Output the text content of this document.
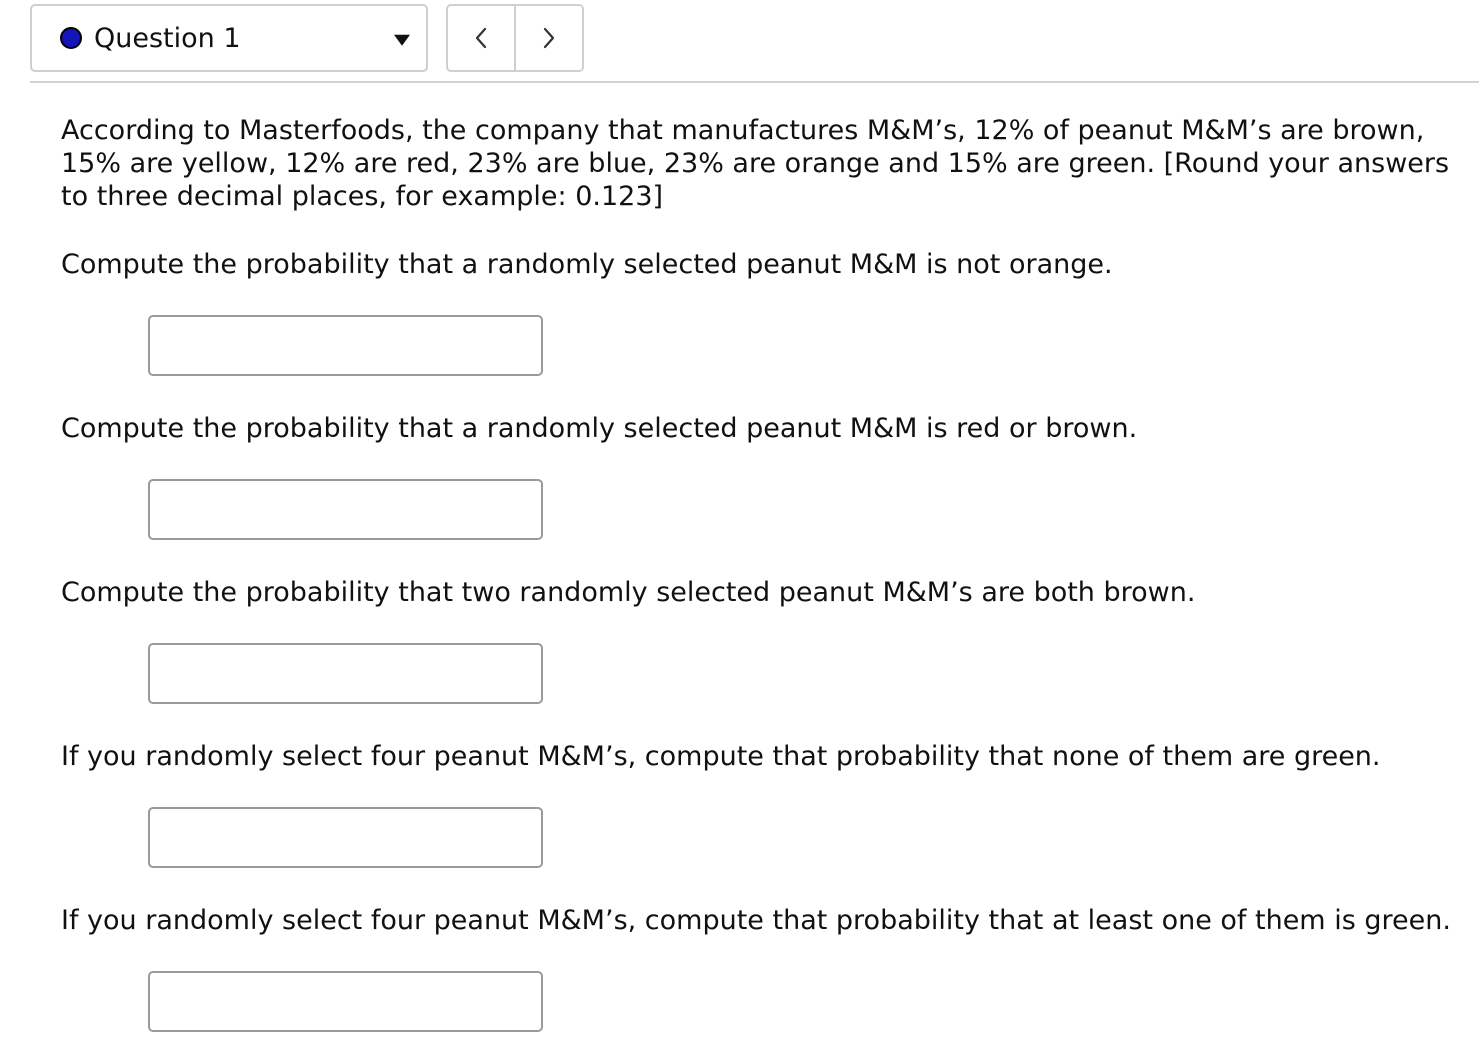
Question 1

According to Masterfoods, the company that manufactures M&M’s, 12% of peanut M&M’s are brown, 15% are yellow, 12% are red, 23% are blue, 23% are orange and 15% are green. [Round your answers to three decimal places, for example: 0.123]

Compute the probability that a randomly selected peanut M&M is not orange.

Compute the probability that a randomly selected peanut M&M is red or brown.

Compute the probability that two randomly selected peanut M&M’s are both brown.

If you randomly select four peanut M&M’s, compute that probability that none of them are green.

If you randomly select four peanut M&M’s, compute that probability that at least one of them is green.
